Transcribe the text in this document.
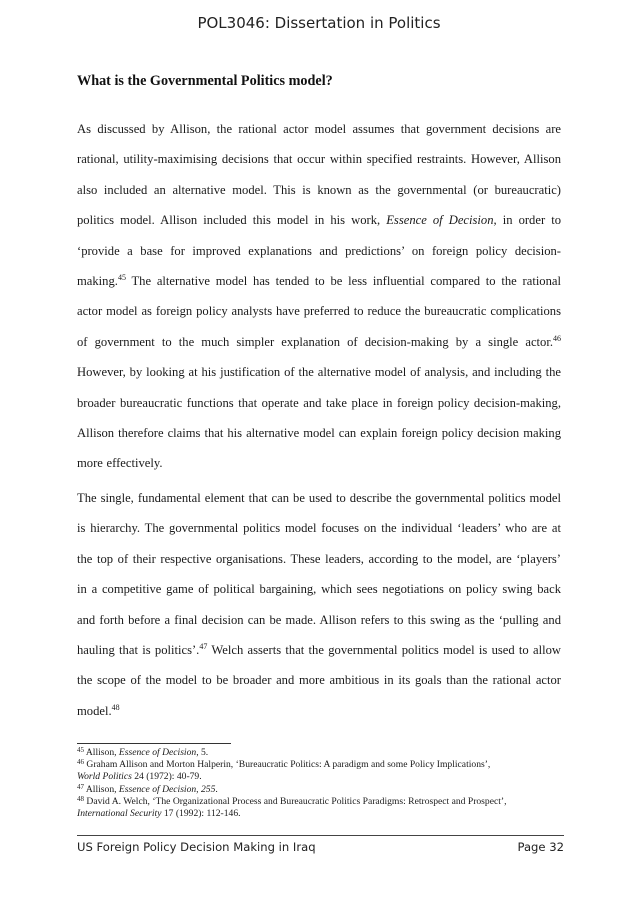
POL3046: Dissertation in Politics
What is the Governmental Politics model?

As discussed by Allison, the rational actor model assumes that government decisions are rational, utility-maximising decisions that occur within specified restraints. However, Allison also included an alternative model. This is known as the governmental (or bureaucratic) politics model. Allison included this model in his work, Essence of Decision, in order to ‘provide a base for improved explanations and predictions’ on foreign policy decision-making.$^{45}$ The alternative model has tended to be less influential compared to the rational actor model as foreign policy analysts have preferred to reduce the bureaucratic complications of government to the much simpler explanation of decision-making by a single actor.$^{46}$ However, by looking at his justification of the alternative model of analysis, and including the broader bureaucratic functions that operate and take place in foreign policy decision-making, Allison therefore claims that his alternative model can explain foreign policy decision making more effectively.

The single, fundamental element that can be used to describe the governmental politics model is hierarchy. The governmental politics model focuses on the individual ‘leaders’ who are at the top of their respective organisations. These leaders, according to the model, are ‘players’ in a competitive game of political bargaining, which sees negotiations on policy swing back and forth before a final decision can be made. Allison refers to this swing as the ‘pulling and hauling that is politics’.$^{47}$ Welch asserts that the governmental politics model is used to allow the scope of the model to be broader and more ambitious in its goals than the rational actor model.$^{48}$

$^{45}$ Allison, Essence of Decision, 5.
$^{46}$ Graham Allison and Morton Halperin, ‘Bureaucratic Politics: A paradigm and some Policy Implications’,
World Politics 24 (1972): 40-79.
$^{47}$ Allison, Essence of Decision, 255.
$^{48}$ David A. Welch, ‘The Organizational Process and Bureaucratic Politics Paradigms: Retrospect and Prospect’,
International Security 17 (1992): 112-146.
US Foreign Policy Decision Making in Iraq	Page 32
